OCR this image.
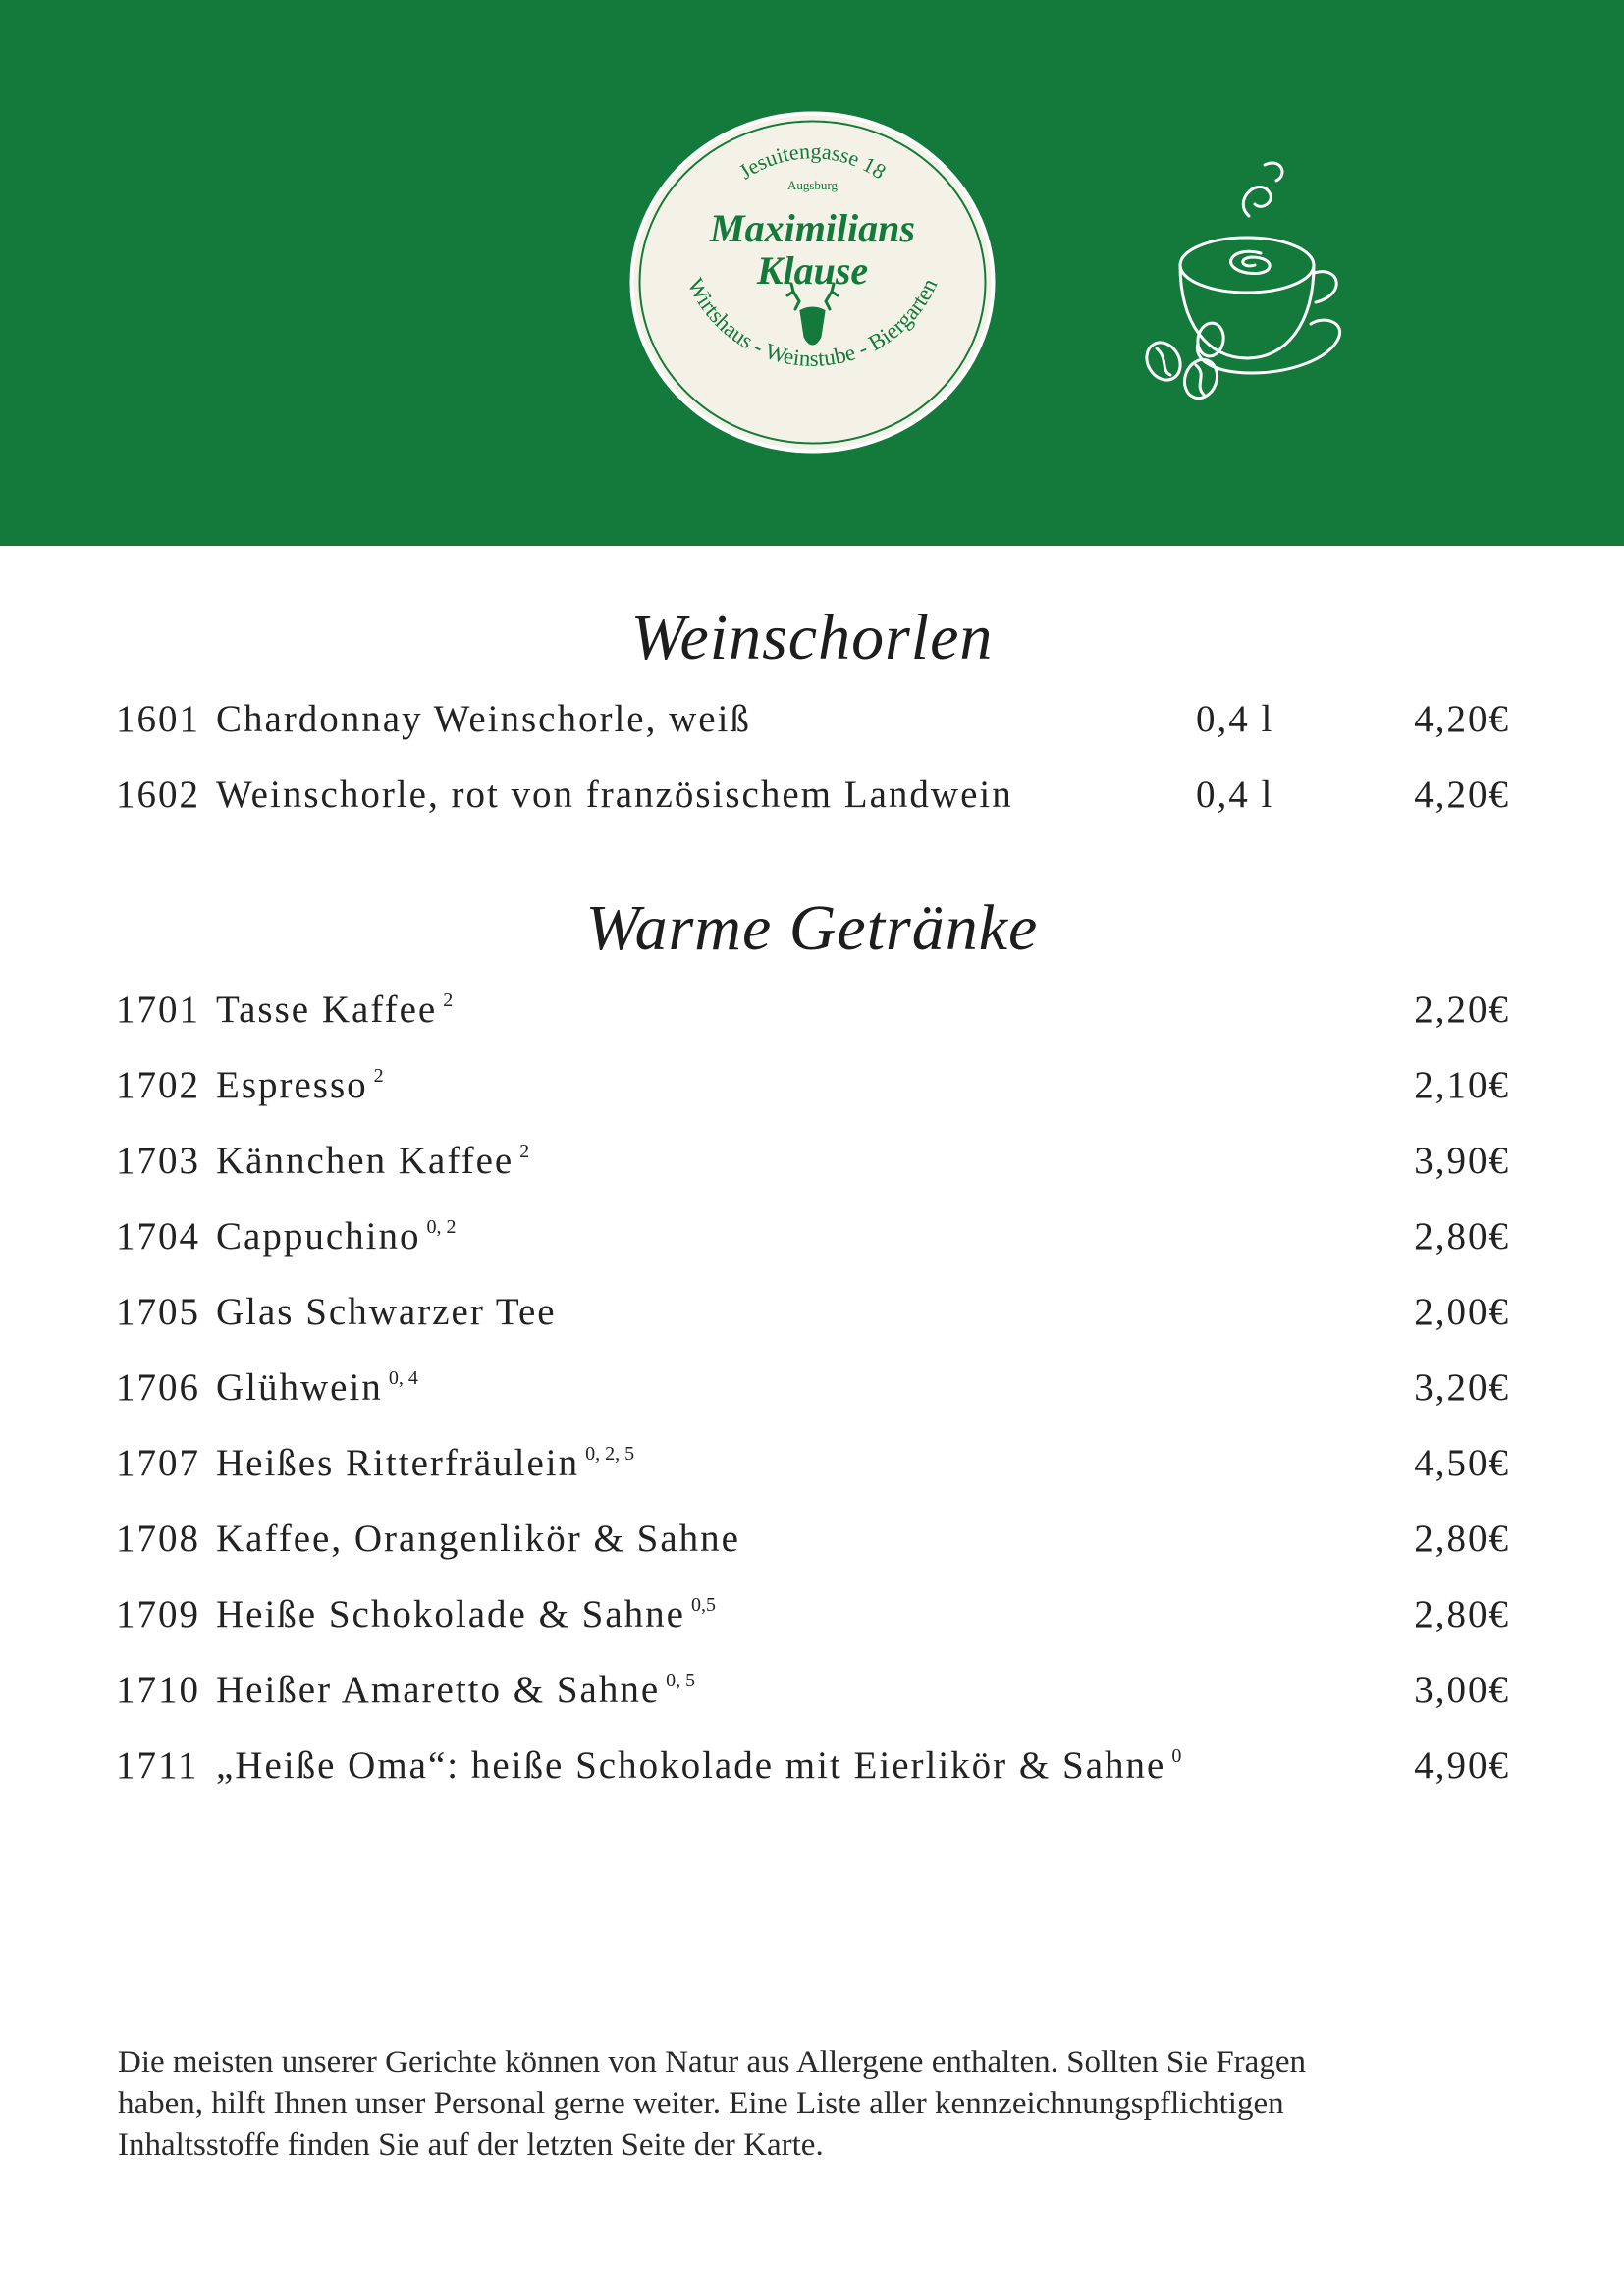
Jesuitengasse 18
Augsburg
Maximilians
Klause
Wirtshaus - Weinstube - Biergarten
Weinschorlen
1601 Chardonnay Weinschorle, weiß	0,4 l	4,20€
1602 Weinschorle, rot von französischem Landwein	0,4 l	4,20€
Warme Getränke
1701 Tasse Kaffee $^2$	2,20€
1702 Espresso $^2$	2,10€
1703 Kännchen Kaffee $^2$	3,90€
1704 Cappuchino $^{0, 2}$	2,80€
1705 Glas Schwarzer Tee	2,00€
1706 Glühwein $^{0, 4}$	3,20€
1707 Heißes Ritterfräulein $^{0, 2, 5}$	4,50€
1708 Kaffee, Orangenlikör & Sahne	2,80€
1709 Heiße Schokolade & Sahne $^{0,5}$	2,80€
1710 Heißer Amaretto & Sahne $^{0, 5}$	3,00€
1711 „Heiße Oma“: heiße Schokolade mit Eierlikör & Sahne $^0$	4,90€
Die meisten unserer Gerichte können von Natur aus Allergene enthalten. Sollten Sie Fragen
haben, hilft Ihnen unser Personal gerne weiter. Eine Liste aller kennzeichnungspflichtigen
Inhaltsstoffe finden Sie auf der letzten Seite der Karte.
